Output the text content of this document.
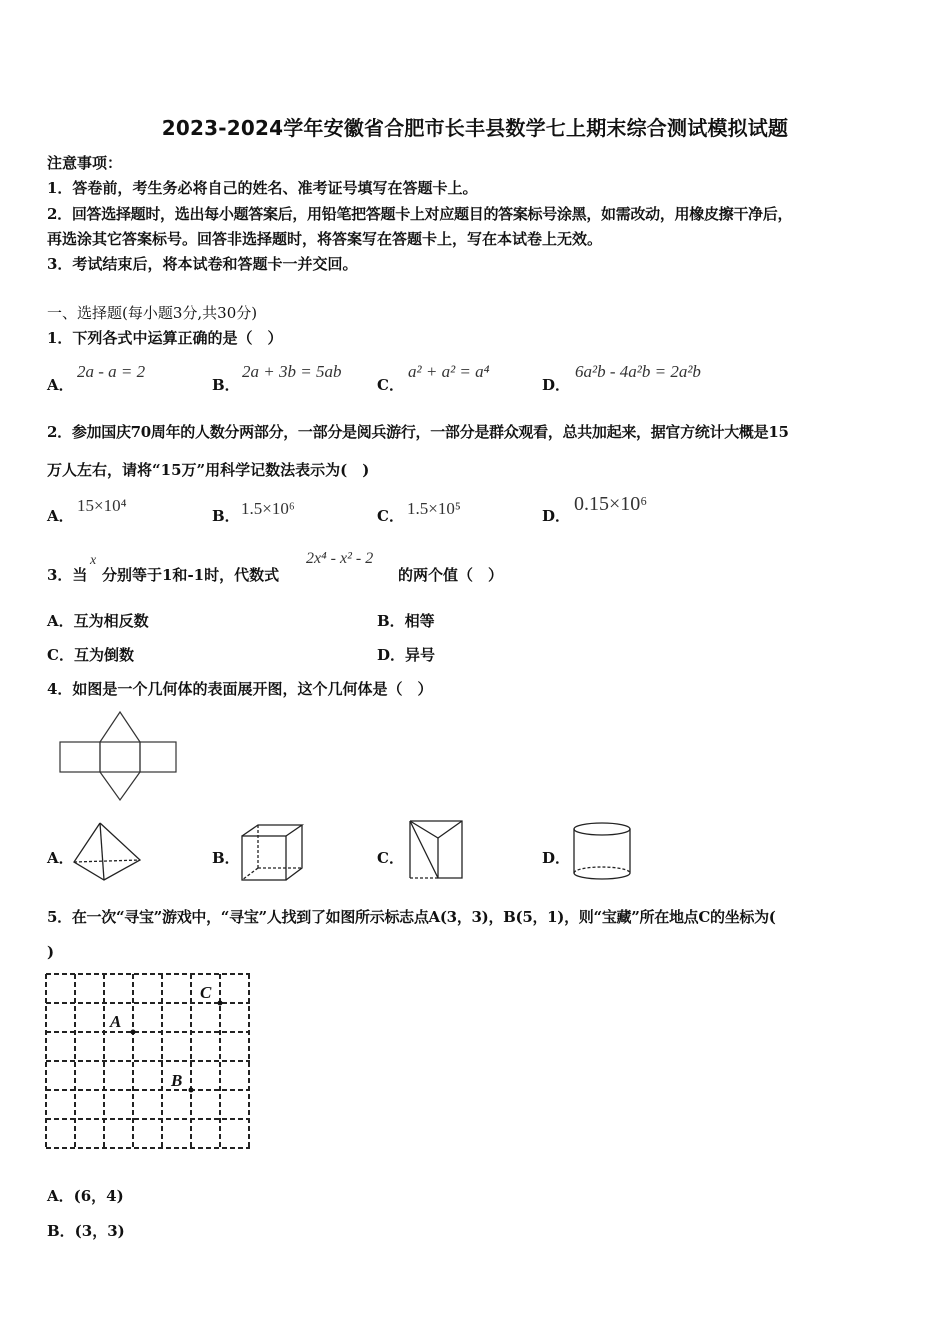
2023-2024学年安徽省合肥市长丰县数学七上期末综合测试模拟试题
注意事项：
1．答卷前，考生务必将自己的姓名、准考证号填写在答题卡上。
2．回答选择题时，选出每小题答案后，用铅笔把答题卡上对应题目的答案标号涂黑，如需改动，用橡皮擦干净后，
再选涂其它答案标号。回答非选择题时，将答案写在答题卡上，写在本试卷上无效。
3．考试结束后，将本试卷和答题卡一并交回。
一、选择题(每小题3分,共30分)
1．下列各式中运算正确的是（　）
A．
2a - a = 2
B．
2a + 3b = 5ab
C．
a² + a² = a⁴
D．
6a²b - 4a²b = 2a²b
2．参加国庆70周年的人数分两部分，一部分是阅兵游行，一部分是群众观看，总共加起来，据官方统计大概是15
万人左右，请将“15万”用科学记数法表示为(　)
A．
15×10⁴
B． 1.5×10⁶	C． 1.5×10⁵	D．
0.15×10⁶
3．当
x
分别等于1和-1时，代数式
2x⁴ - x² - 2
的两个值（　）
A．互为相反数	B．相等
C．互为倒数	D．异号
4．如图是一个几何体的表面展开图，这个几何体是（　）
A．	B．	C．	D．
5．在一次“寻宝”游戏中，“寻宝”人找到了如图所示标志点A(3，3)，B(5，1)，则“宝藏”所在地点C的坐标为(
)
C
A
B
A．(6，4)
B．(3，3)
